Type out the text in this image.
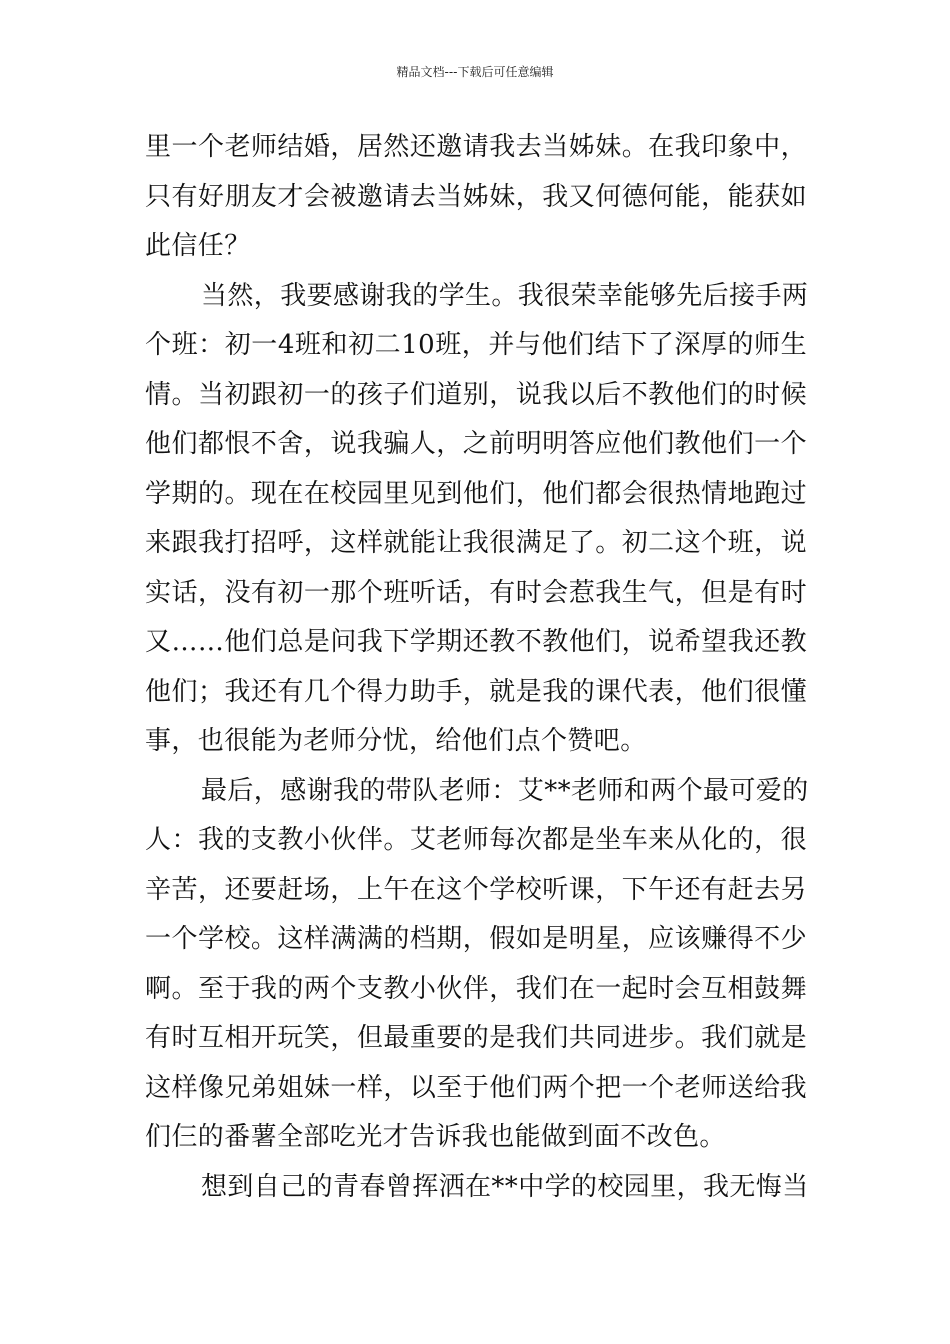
精品文档---下载后可任意编辑
里一个老师结婚，居然还邀请我去当姊妹。在我印象中，
只有好朋友才会被邀请去当姊妹，我又何德何能，能获如
此信任？
当然，我要感谢我的学生。我很荣幸能够先后接手两
个班：初一4班和初二10班，并与他们结下了深厚的师生
情。当初跟初一的孩子们道别，说我以后不教他们的时候
他们都恨不舍，说我骗人，之前明明答应他们教他们一个
学期的。现在在校园里见到他们，他们都会很热情地跑过
来跟我打招呼，这样就能让我很满足了。初二这个班，说
实话，没有初一那个班听话，有时会惹我生气，但是有时
又……他们总是问我下学期还教不教他们，说希望我还教
他们；我还有几个得力助手，就是我的课代表，他们很懂
事，也很能为老师分忧，给他们点个赞吧。
最后，感谢我的带队老师：艾**老师和两个最可爱的
人：我的支教小伙伴。艾老师每次都是坐车来从化的，很
辛苦，还要赶场，上午在这个学校听课，下午还有赶去另
一个学校。这样满满的档期，假如是明星，应该赚得不少
啊。至于我的两个支教小伙伴，我们在一起时会互相鼓舞
有时互相开玩笑，但最重要的是我们共同进步。我们就是
这样像兄弟姐妹一样，以至于他们两个把一个老师送给我
们仨的番薯全部吃光才告诉我也能做到面不改色。
想到自己的青春曾挥洒在**中学的校园里，我无悔当
